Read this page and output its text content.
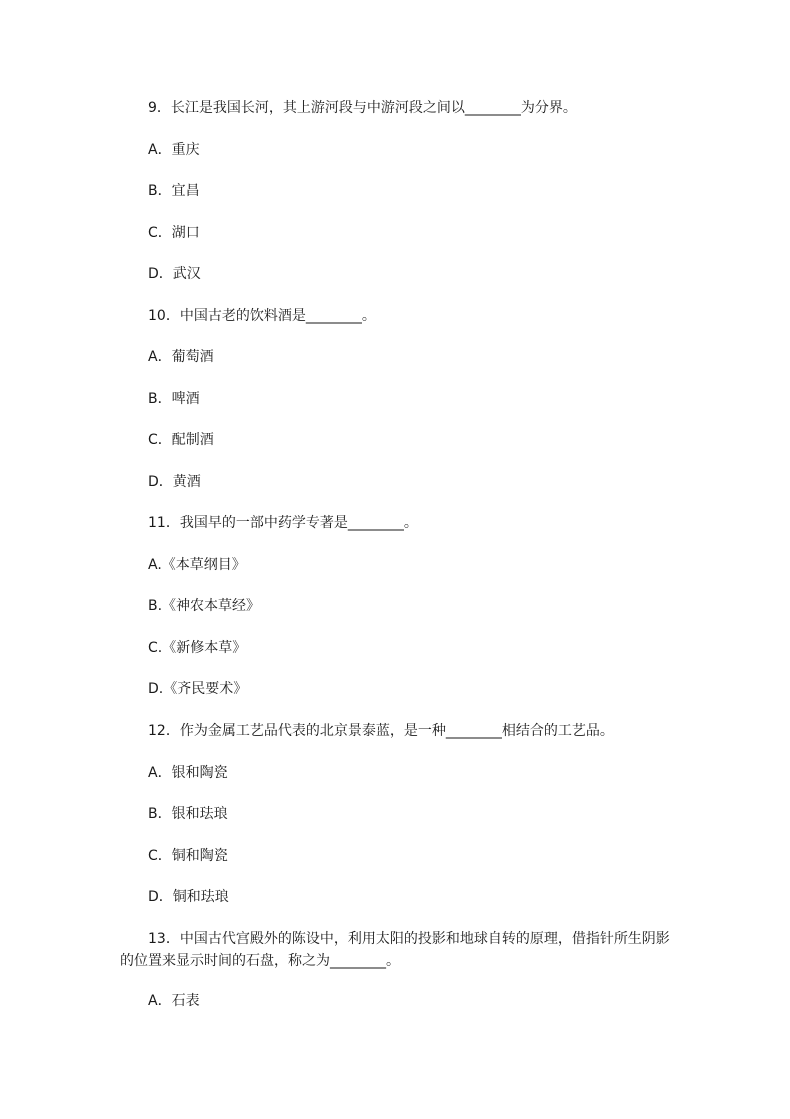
9．长江是我国长河，其上游河段与中游河段之间以________为分界。
A．重庆
B．宜昌
C．湖口
D．武汉
10．中国古老的饮料酒是________。
A．葡萄酒
B．啤酒
C．配制酒
D．黄酒
11．我国早的一部中药学专著是________。
A.《本草纲目》
B.《神农本草经》
C.《新修本草》
D.《齐民要术》
12．作为金属工艺品代表的北京景泰蓝，是一种________相结合的工艺品。
A．银和陶瓷
B．银和珐琅
C．铜和陶瓷
D．铜和珐琅
13．中国古代宫殿外的陈设中，利用太阳的投影和地球自转的原理，借指针所生阴影的位置来显示时间的石盘，称之为________。
A．石表
